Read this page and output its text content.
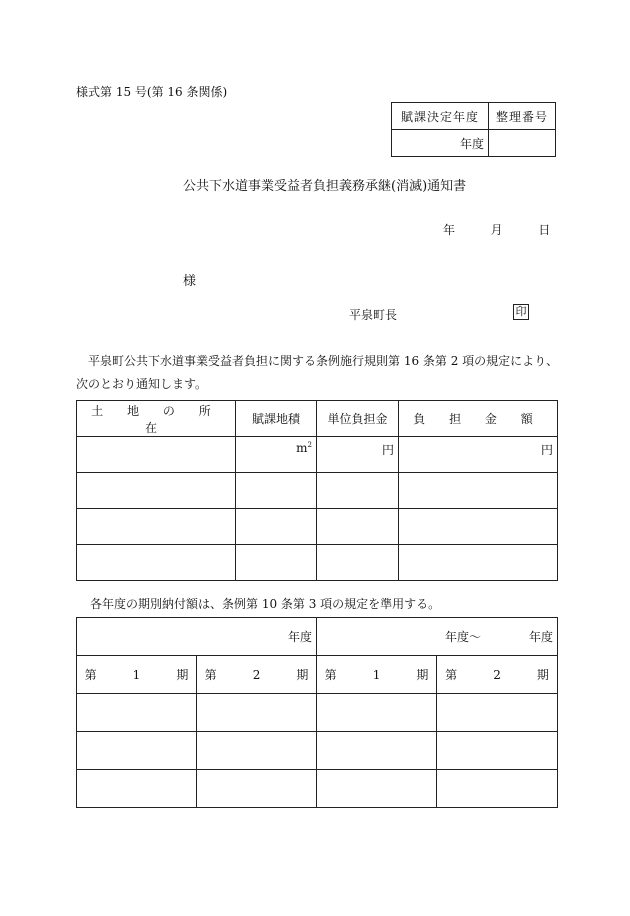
様式第 15 号(第 16 条関係)
賦課決定年度	整理番号
年度	
公共下水道事業受益者負担義務承継(消滅)通知書
年	月	日
様
平泉町長	印
平泉町公共下水道事業受益者負担に関する条例施行規則第 16 条第 2 項の規定により、次のとおり通知します。
土 地 の 所 在	賦課地積	単位負担金	負 担 金 額

	$m^2$	円	円

各年度の期別納付額は、条例第 10 条第 3 項の規定を準用する。
年度		年度～ 年度	
第 1 期	第 2 期	第 1 期	第 2 期
